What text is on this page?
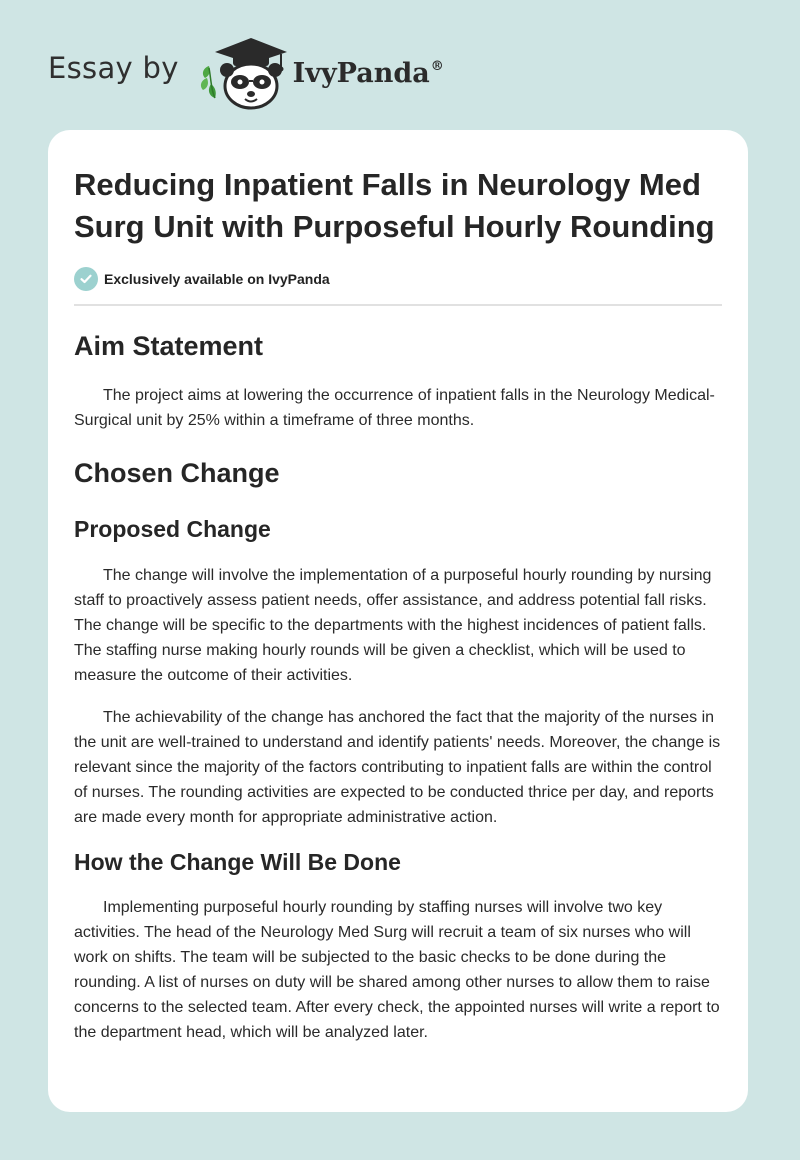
Essay by	IvyPanda®
Reducing Inpatient Falls in Neurology Med Surg Unit with Purposeful Hourly Rounding
Exclusively available on IvyPanda
Aim Statement

The project aims at lowering the occurrence of inpatient falls in the Neurology Medical-Surgical unit by 25% within a timeframe of three months.

Chosen Change
Proposed Change

The change will involve the implementation of a purposeful hourly rounding by nursing staff to proactively assess patient needs, offer assistance, and address potential fall risks. The change will be specific to the departments with the highest incidences of patient falls. The staffing nurse making hourly rounds will be given a checklist, which will be used to measure the outcome of their activities.

The achievability of the change has anchored the fact that the majority of the nurses in the unit are well-trained to understand and identify patients' needs. Moreover, the change is relevant since the majority of the factors contributing to inpatient falls are within the control of nurses. The rounding activities are expected to be conducted thrice per day, and reports are made every month for appropriate administrative action.

How the Change Will Be Done

Implementing purposeful hourly rounding by staffing nurses will involve two key activities. The head of the Neurology Med Surg will recruit a team of six nurses who will work on shifts. The team will be subjected to the basic checks to be done during the rounding. A list of nurses on duty will be shared among other nurses to allow them to raise concerns to the selected team. After every check, the appointed nurses will write a report to the department head, which will be analyzed later.
